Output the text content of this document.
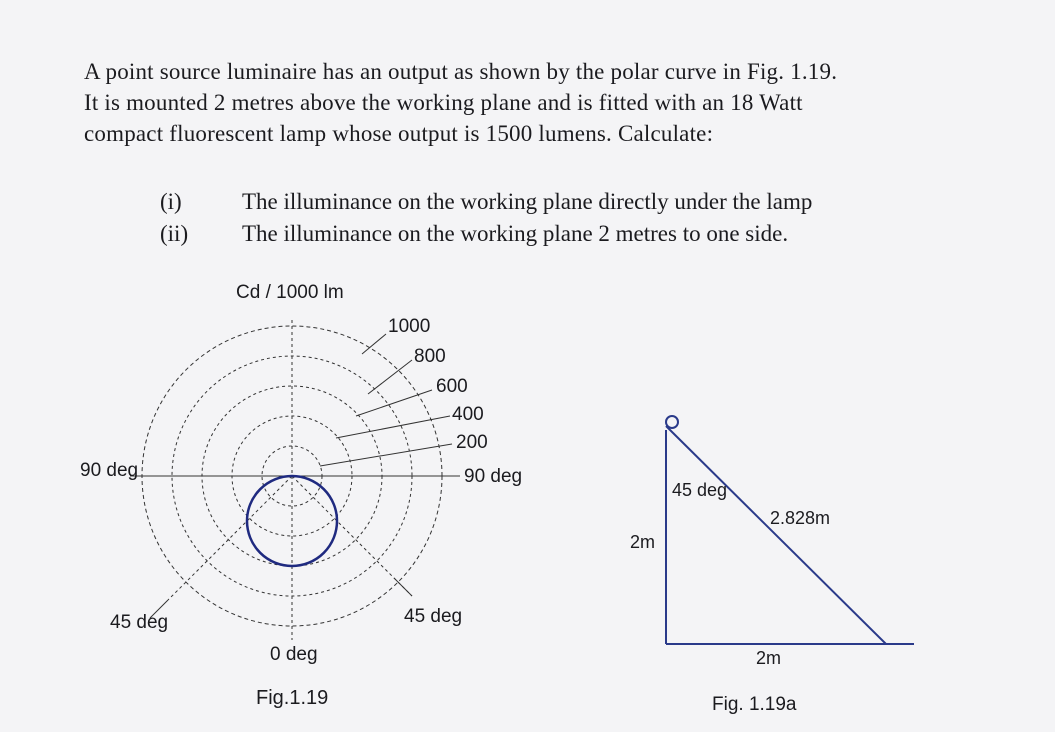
A point source luminaire has an output as shown by the polar curve in Fig. 1.19.
It is mounted 2 metres above the working plane and is fitted with an 18 Watt
compact fluorescent lamp whose output is 1500 lumens. Calculate:
(i)	The illuminance on the working plane directly under the lamp
(ii)	The illuminance on the working plane 2 metres to one side.
Cd / 1000 lm
1000
800
600
400
200
90 deg	90 deg
45 deg	45 deg
0 deg
Fig.1.19
45 deg
2.828m
2m
2m
Fig. 1.19a
